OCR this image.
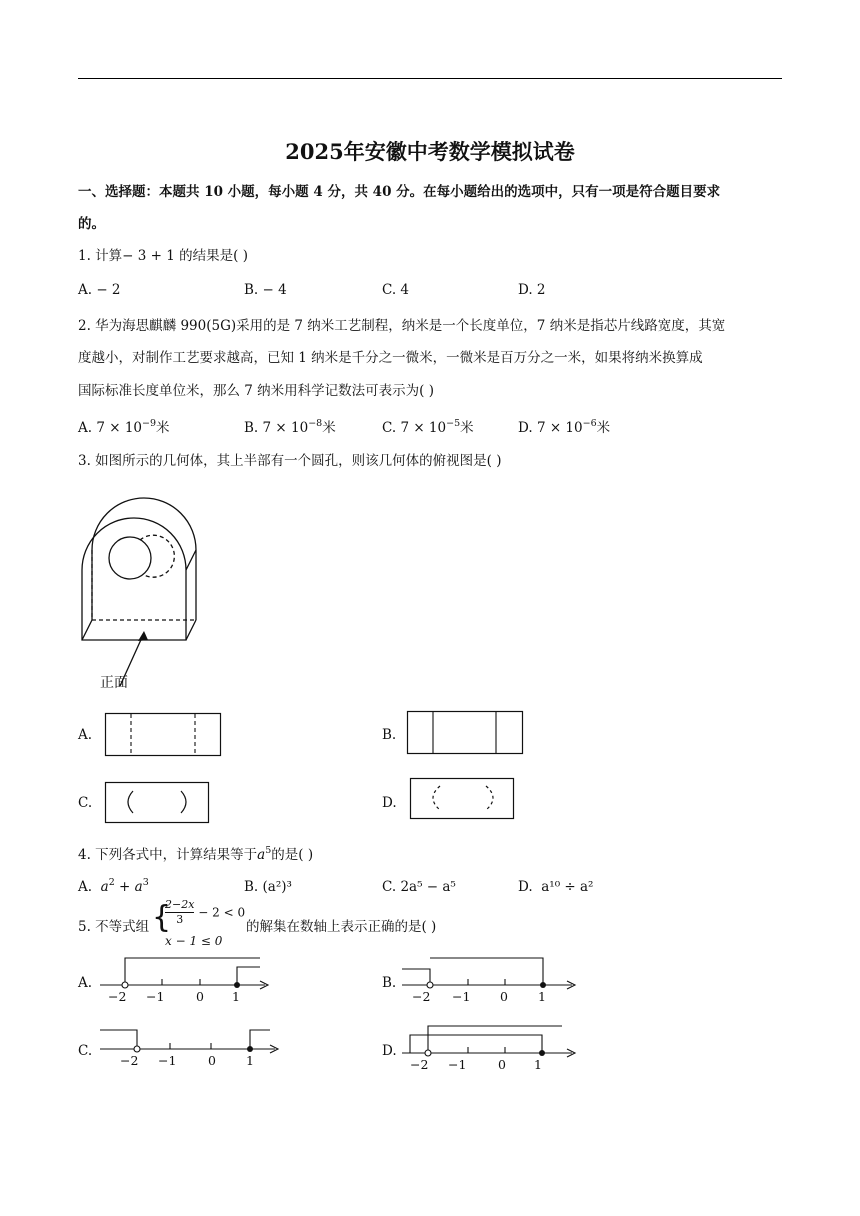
2025年安徽中考数学模拟试卷
一、选择题：本题共 10 小题，每小题 4 分，共 40 分。在每小题给出的选项中，只有一项是符合题目要求
的。
1. 计算− 3 + 1 的结果是( )
A. − 2	B. − 4	C. 4	D. 2
2. 华为海思麒麟 990(5G)采用的是 7 纳米工艺制程，纳米是一个长度单位，7 纳米是指芯片线路宽度，其宽
度越小，对制作工艺要求越高，已知 1 纳米是千分之一微米，一微米是百万分之一米，如果将纳米换算成
国际标准长度单位米，那么 7 纳米用科学记数法可表示为( )
A. $7 \times 10^{-9}$米	B. $7 \times 10^{-8}$米	C. $7 \times 10^{-5}$米	D. $7 \times 10^{-6}$米
3. 如图所示的几何体，其上半部有一个圆孔，则该几何体的俯视图是( )
正面
A.	B.
C.	D.
4. 下列各式中，计算结果等于$a^5$的是( )
A. $a^2 + a^3$	B. (a²)³	C. 2a⁵ − a⁵	D. a¹⁰ ÷ a²
5. 不等式组 {
$\frac{2-2x}{3} - 2 < 0$
x − 1 ≤ 0
的解集在数轴上表示正确的是( )
A.
−2 −1	0 1
B.
−2 −1 0 1
C.
−2 −1	0 1
D.
−2 −1	0 1
